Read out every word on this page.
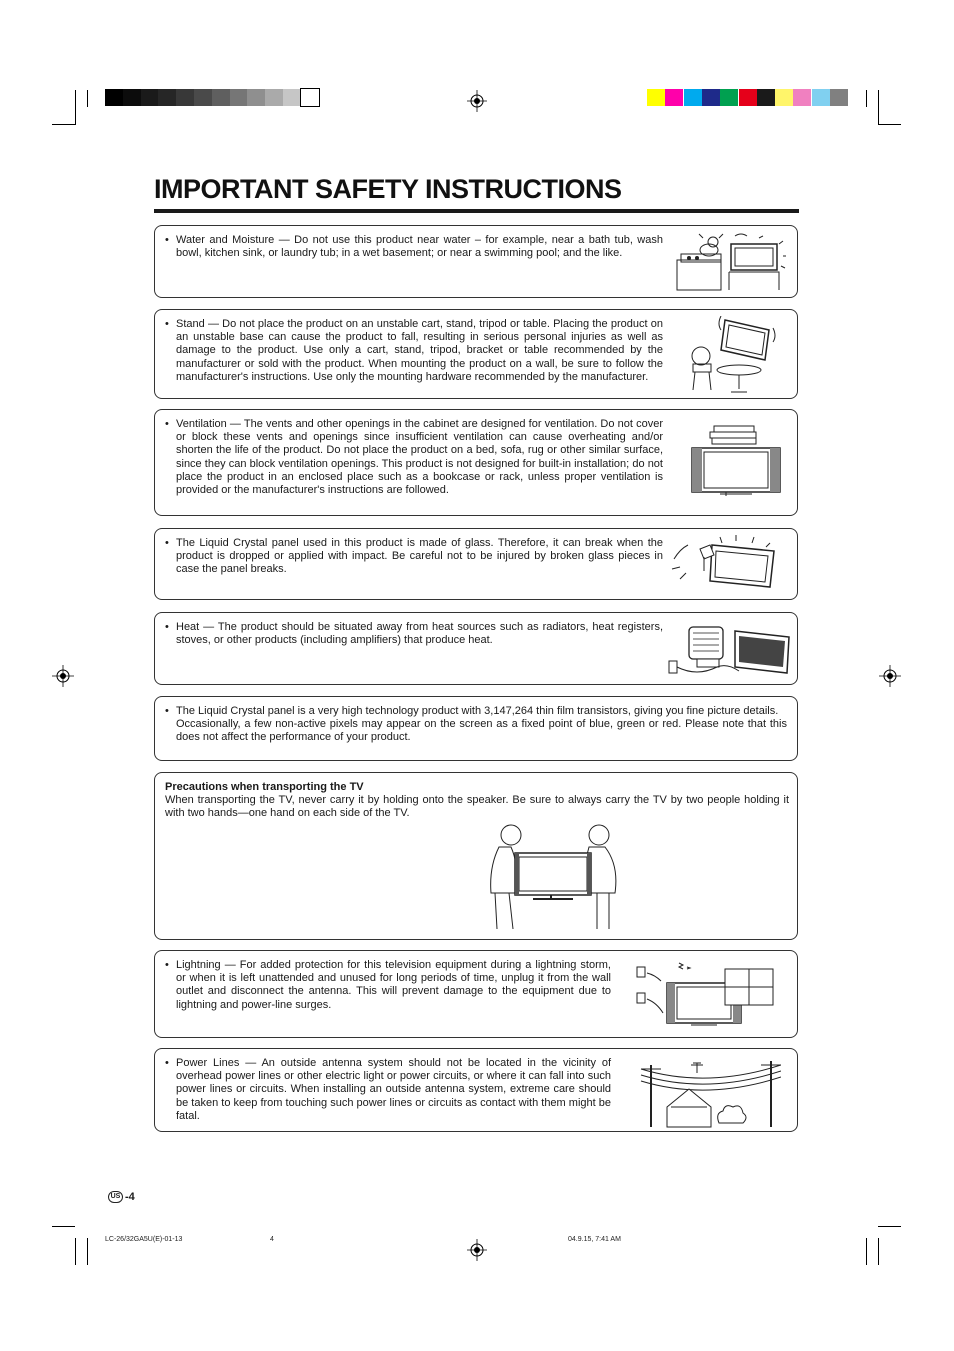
IMPORTANT SAFETY INSTRUCTIONS
• Water and Moisture — Do not use this product near water – for example, near a bath tub, wash bowl, kitchen sink, or laundry tub; in a wet basement; or near a swimming pool; and the like.
• Stand — Do not place the product on an unstable cart, stand, tripod or table. Placing the product on an unstable base can cause the product to fall, resulting in serious personal injuries as well as damage to the product. Use only a cart, stand, tripod, bracket or table recommended by the manufacturer or sold with the product. When mounting the product on a wall, be sure to follow the manufacturer's instructions. Use only the mounting hardware recommended by the manufacturer.
• Ventilation — The vents and other openings in the cabinet are designed for ventilation. Do not cover or block these vents and openings since insufficient ventilation can cause overheating and/or shorten the life of the product. Do not place the product on a bed, sofa, rug or other similar surface, since they can block ventilation openings. This product is not designed for built-in installation; do not place the product in an enclosed place such as a bookcase or rack, unless proper ventilation is provided or the manufacturer's instructions are followed.
• The Liquid Crystal panel used in this product is made of glass. Therefore, it can break when the product is dropped or applied with impact. Be careful not to be injured by broken glass pieces in case the panel breaks.
• Heat — The product should be situated away from heat sources such as radiators, heat registers, stoves, or other products (including amplifiers) that produce heat.
• The Liquid Crystal panel is a very high technology product with 3,147,264 thin film transistors, giving you fine picture details.
Occasionally, a few non-active pixels may appear on the screen as a fixed point of blue, green or red. Please note that this does not affect the performance of your product.
Precautions when transporting the TV
When transporting the TV, never carry it by holding onto the speaker. Be sure to always carry the TV by two people holding it with two hands—one hand on each side of the TV.
• Lightning — For added protection for this television equipment during a lightning storm, or when it is left unattended and unused for long periods of time, unplug it from the wall outlet and disconnect the antenna. This will prevent damage to the equipment due to lightning and power-line surges.
• Power Lines — An outside antenna system should not be located in the vicinity of overhead power lines or other electric light or power circuits, or where it can fall into such power lines or circuits. When installing an outside antenna system, extreme care should be taken to keep from touching such power lines or circuits as contact with them might be fatal.
US -4
LC-26/32GA5U(E)-01-13	4	04.9.15, 7:41 AM
